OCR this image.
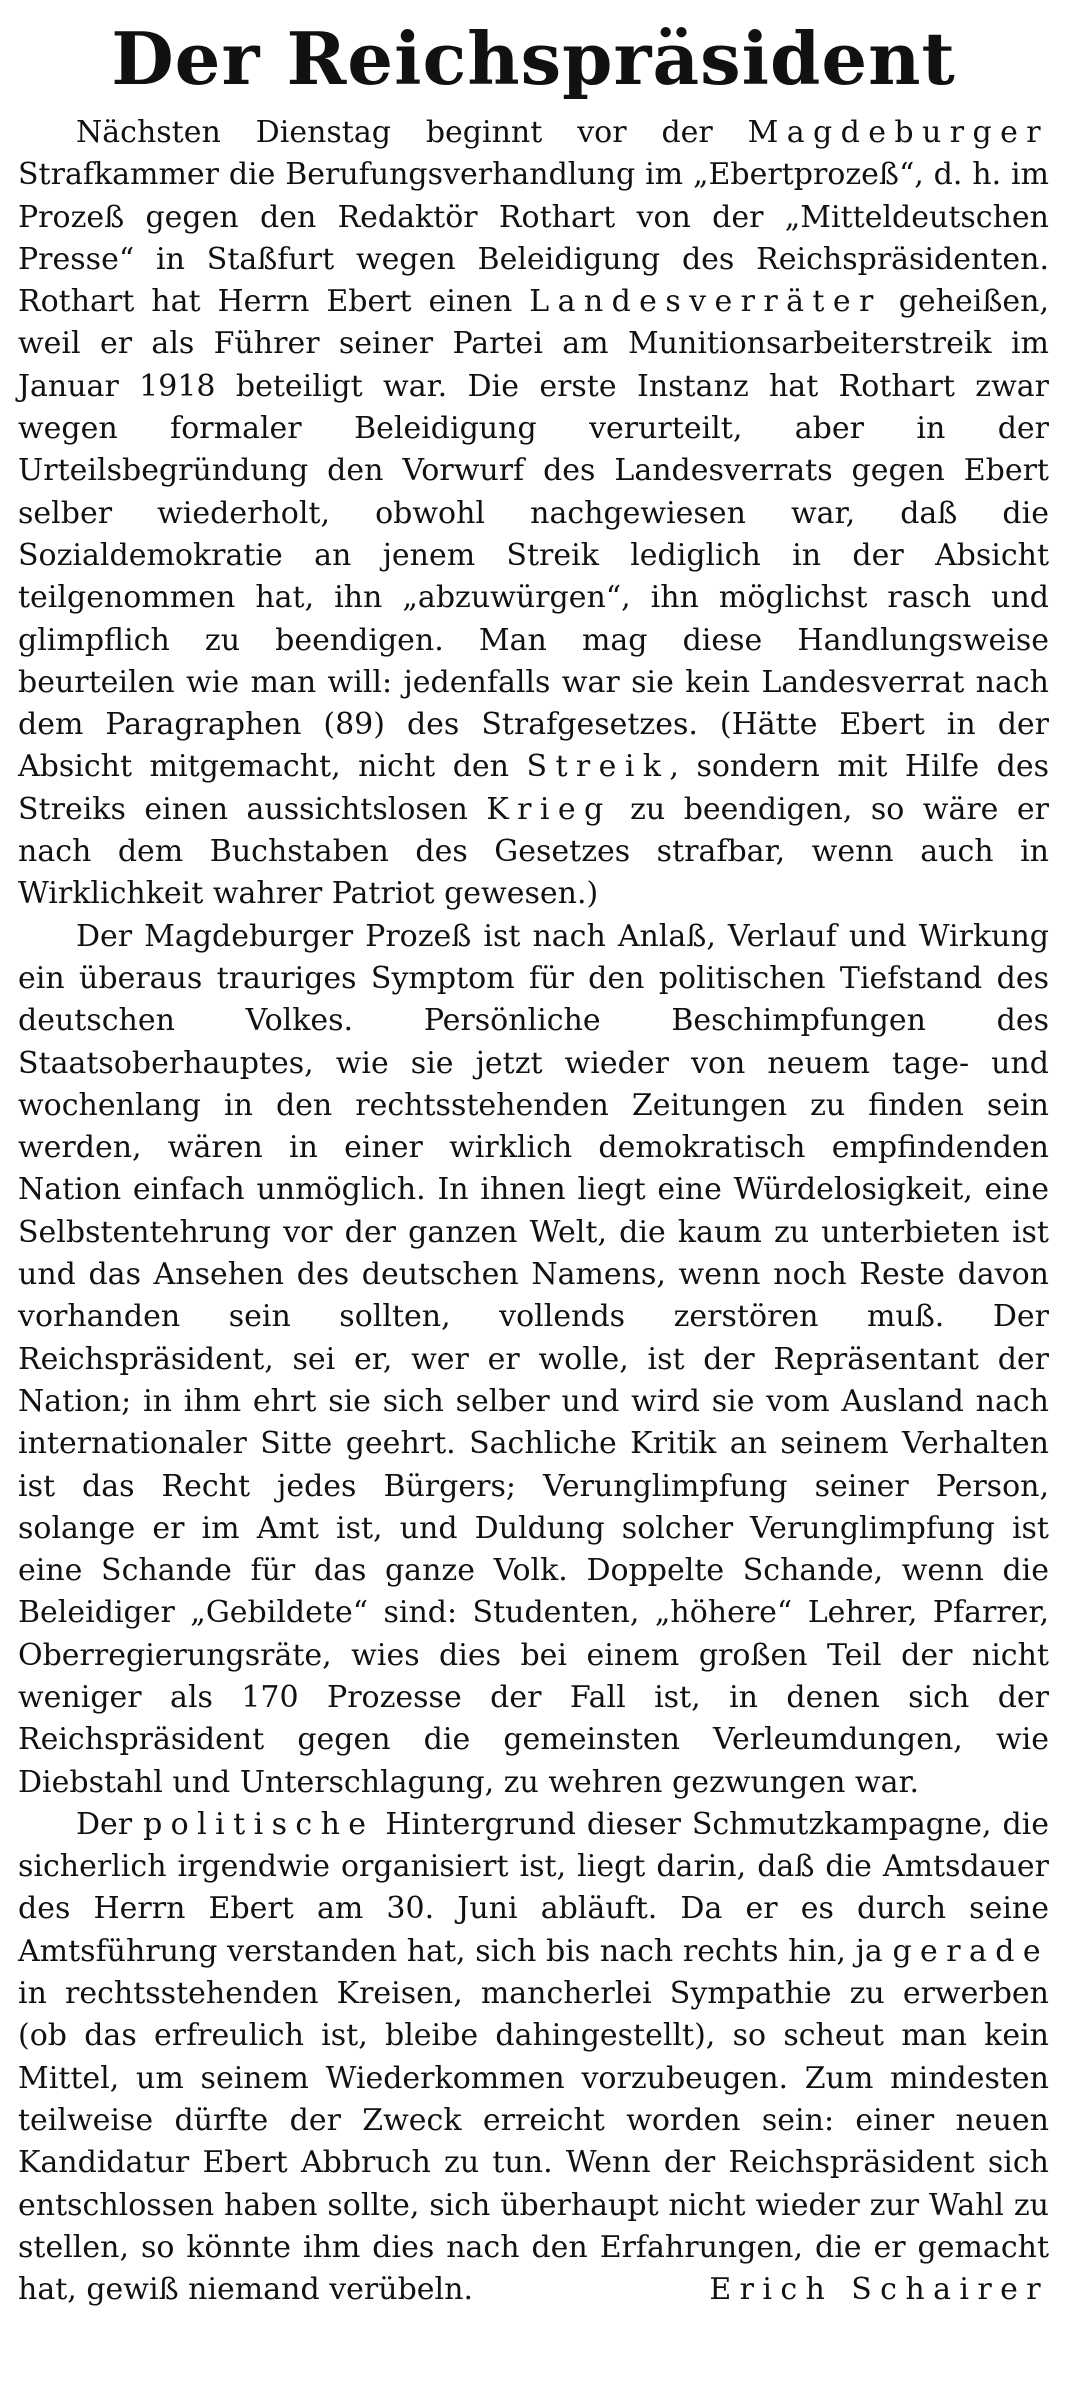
Der Reichspräsident

Nächsten Dienstag beginnt vor der Magdeburger Strafkammer die Berufungsverhandlung im „Ebertprozeß“, d. h. im Prozeß gegen den Redaktör Rothart von der „Mitteldeutschen Presse“ in Staßfurt wegen Beleidigung des Reichspräsidenten. Rothart hat Herrn Ebert einen Landesverräter geheißen, weil er als Führer seiner Partei am Munitionsarbeiterstreik im Januar 1918 beteiligt war. Die erste Instanz hat Rothart zwar wegen formaler Beleidigung verurteilt, aber in der Urteilsbegründung den Vorwurf des Landesverrats gegen Ebert selber wiederholt, obwohl nachgewiesen war, daß die Sozialdemokratie an jenem Streik lediglich in der Absicht teilgenommen hat, ihn „abzuwürgen“, ihn möglichst rasch und glimpflich zu beendigen. Man mag diese Handlungsweise beurteilen wie man will: jedenfalls war sie kein Landesverrat nach dem Paragraphen (89) des Strafgesetzes. (Hätte Ebert in der Absicht mitgemacht, nicht den Streik, sondern mit Hilfe des Streiks einen aussichtslosen Krieg zu beendigen, so wäre er nach dem Buchstaben des Gesetzes strafbar, wenn auch in Wirklichkeit wahrer Patriot gewesen.)

Der Magdeburger Prozeß ist nach Anlaß, Verlauf und Wirkung ein überaus trauriges Symptom für den politischen Tiefstand des deutschen Volkes. Persönliche Beschimpfungen des Staatsoberhauptes, wie sie jetzt wieder von neuem tage- und wochenlang in den rechtsstehenden Zeitungen zu finden sein werden, wären in einer wirklich demokratisch empfindenden Nation einfach unmöglich. In ihnen liegt eine Würdelosigkeit, eine Selbstentehrung vor der ganzen Welt, die kaum zu unterbieten ist und das Ansehen des deutschen Namens, wenn noch Reste davon vorhanden sein sollten, vollends zerstören muß. Der Reichspräsident, sei er, wer er wolle, ist der Repräsentant der Nation; in ihm ehrt sie sich selber und wird sie vom Ausland nach internationaler Sitte geehrt. Sachliche Kritik an seinem Verhalten ist das Recht jedes Bürgers; Verunglimpfung seiner Person, solange er im Amt ist, und Duldung solcher Verunglimpfung ist eine Schande für das ganze Volk. Doppelte Schande, wenn die Beleidiger „Gebildete“ sind: Studenten, „höhere“ Lehrer, Pfarrer, Oberregierungsräte, wies dies bei einem großen Teil der nicht weniger als 170 Prozesse der Fall ist, in denen sich der Reichspräsident gegen die gemeinsten Verleumdungen, wie Diebstahl und Unterschlagung, zu wehren gezwungen war.

Der politische Hintergrund dieser Schmutzkampagne, die sicherlich irgendwie organisiert ist, liegt darin, daß die Amtsdauer des Herrn Ebert am 30. Juni abläuft. Da er es durch seine Amtsführung verstanden hat, sich bis nach rechts hin, ja gerade in rechtsstehenden Kreisen, mancherlei Sympathie zu erwerben (ob das erfreulich ist, bleibe dahingestellt), so scheut man kein Mittel, um seinem Wiederkommen vorzubeugen. Zum mindesten teilweise dürfte der Zweck erreicht worden sein: einer neuen Kandidatur Ebert Abbruch zu tun. Wenn der Reichspräsident sich entschlossen haben sollte, sich überhaupt nicht wieder zur Wahl zu stellen, so könnte ihm dies nach den Erfahrungen, die er gemacht hat, gewiß niemand verübeln.	Erich Schairer
